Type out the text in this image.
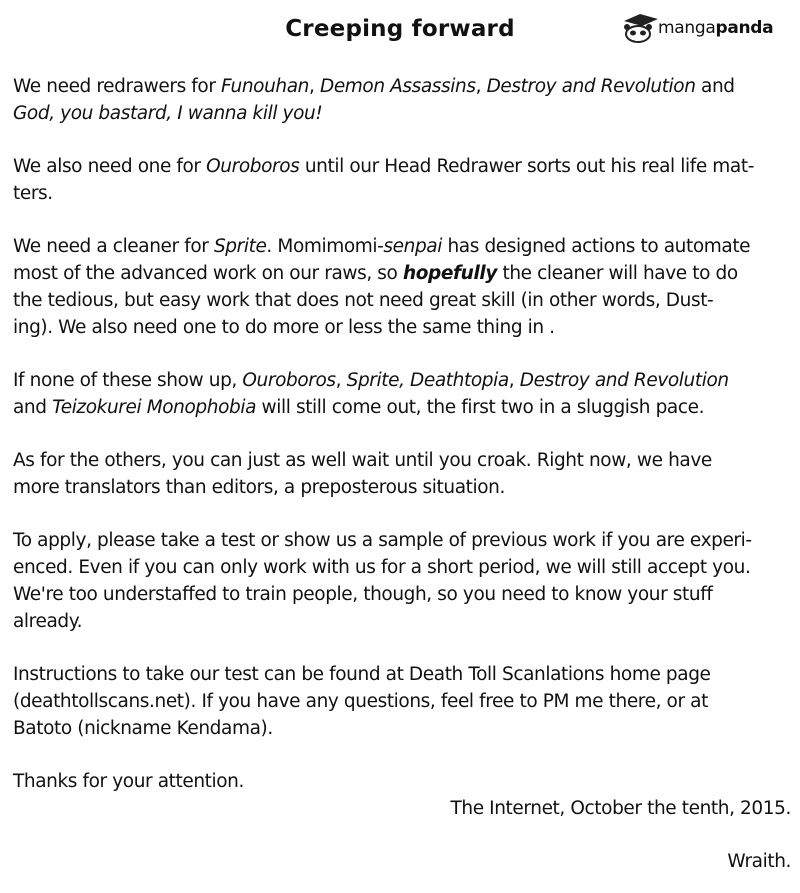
Creeping forward	mangapanda
We need redrawers for Funouhan, Demon Assassins, Destroy and Revolution and
God, you bastard, I wanna kill you!
We also need one for Ouroboros until our Head Redrawer sorts out his real life mat-
ters.
We need a cleaner for Sprite. Momimomi-senpai has designed actions to automate
most of the advanced work on our raws, so hopefully the cleaner will have to do
the tedious, but easy work that does not need great skill (in other words, Dust-
ing). We also need one to do more or less the same thing in .
If none of these show up, Ouroboros, Sprite, Deathtopia, Destroy and Revolution
and Teizokurei Monophobia will still come out, the first two in a sluggish pace.
As for the others, you can just as well wait until you croak. Right now, we have
more translators than editors, a preposterous situation.
To apply, please take a test or show us a sample of previous work if you are experi-
enced. Even if you can only work with us for a short period, we will still accept you.
We're too understaffed to train people, though, so you need to know your stuff
already.
Instructions to take our test can be found at Death Toll Scanlations home page
(deathtollscans.net). If you have any questions, feel free to PM me there, or at
Batoto (nickname Kendama).
Thanks for your attention.
The Internet, October the tenth, 2015.
Wraith.
